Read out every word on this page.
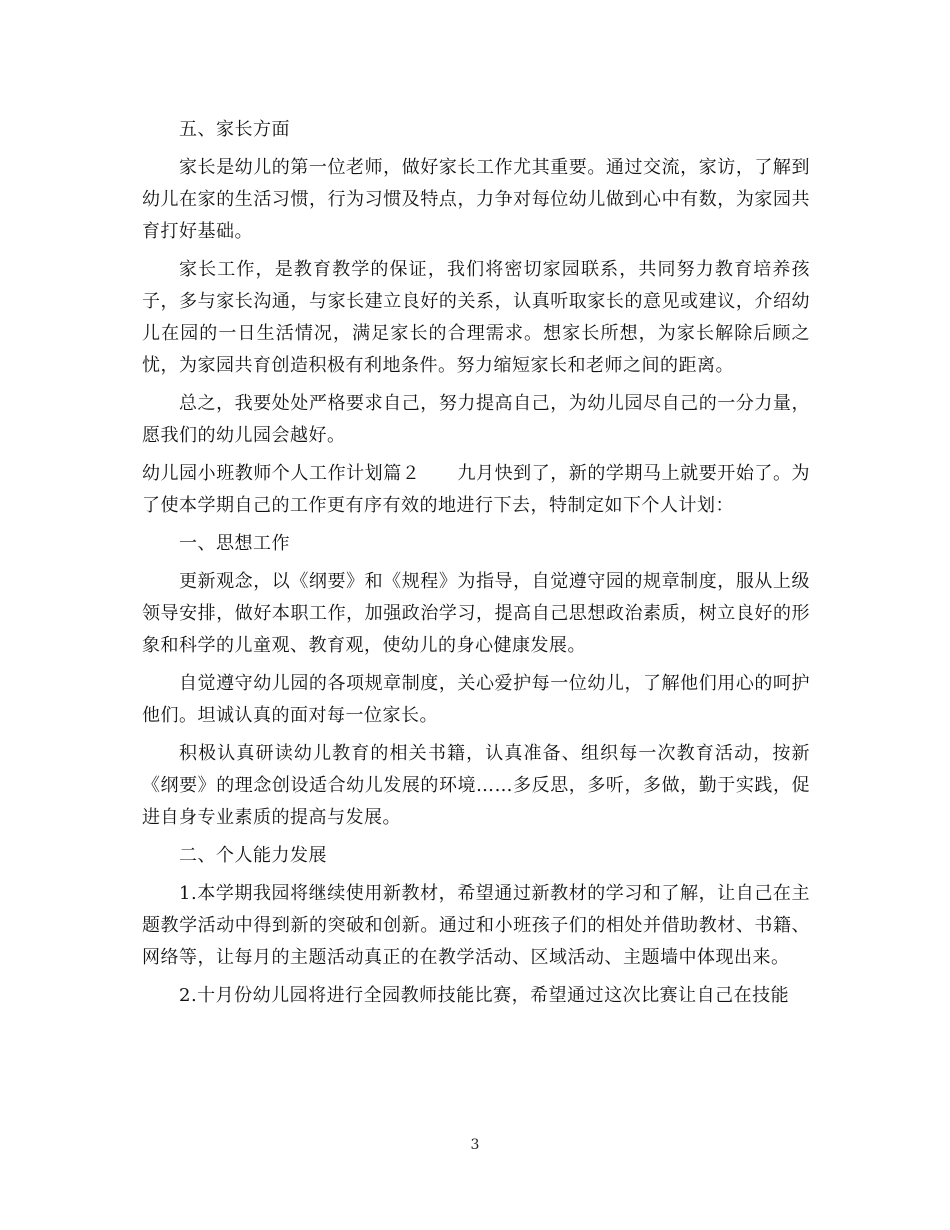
五、家长方面

家长是幼儿的第一位老师，做好家长工作尤其重要。通过交流，家访，了解到幼儿在家的生活习惯，行为习惯及特点，力争对每位幼儿做到心中有数，为家园共育打好基础。

家长工作，是教育教学的保证，我们将密切家园联系，共同努力教育培养孩子，多与家长沟通，与家长建立良好的关系，认真听取家长的意见或建议，介绍幼儿在园的一日生活情况，满足家长的合理需求。想家长所想，为家长解除后顾之忧，为家园共育创造积极有利地条件。努力缩短家长和老师之间的距离。

总之，我要处处严格要求自己，努力提高自己，为幼儿园尽自己的一分力量，愿我们的幼儿园会越好。

幼儿园小班教师个人工作计划篇２　　九月快到了，新的学期马上就要开始了。为了使本学期自己的工作更有序有效的地进行下去，特制定如下个人计划：

一、思想工作

更新观念，以《纲要》和《规程》为指导，自觉遵守园的规章制度，服从上级领导安排，做好本职工作，加强政治学习，提高自己思想政治素质，树立良好的形象和科学的儿童观、教育观，使幼儿的身心健康发展。

自觉遵守幼儿园的各项规章制度，关心爱护每一位幼儿，了解他们用心的呵护他们。坦诚认真的面对每一位家长。

积极认真研读幼儿教育的相关书籍，认真准备、组织每一次教育活动，按新《纲要》的理念创设适合幼儿发展的环境……多反思，多听，多做，勤于实践，促进自身专业素质的提高与发展。

二、个人能力发展

1.本学期我园将继续使用新教材，希望通过新教材的学习和了解，让自己在主题教学活动中得到新的突破和创新。通过和小班孩子们的相处并借助教材、书籍、网络等，让每月的主题活动真正的在教学活动、区域活动、主题墙中体现出来。

2.十月份幼儿园将进行全园教师技能比赛，希望通过这次比赛让自己在技能

3
